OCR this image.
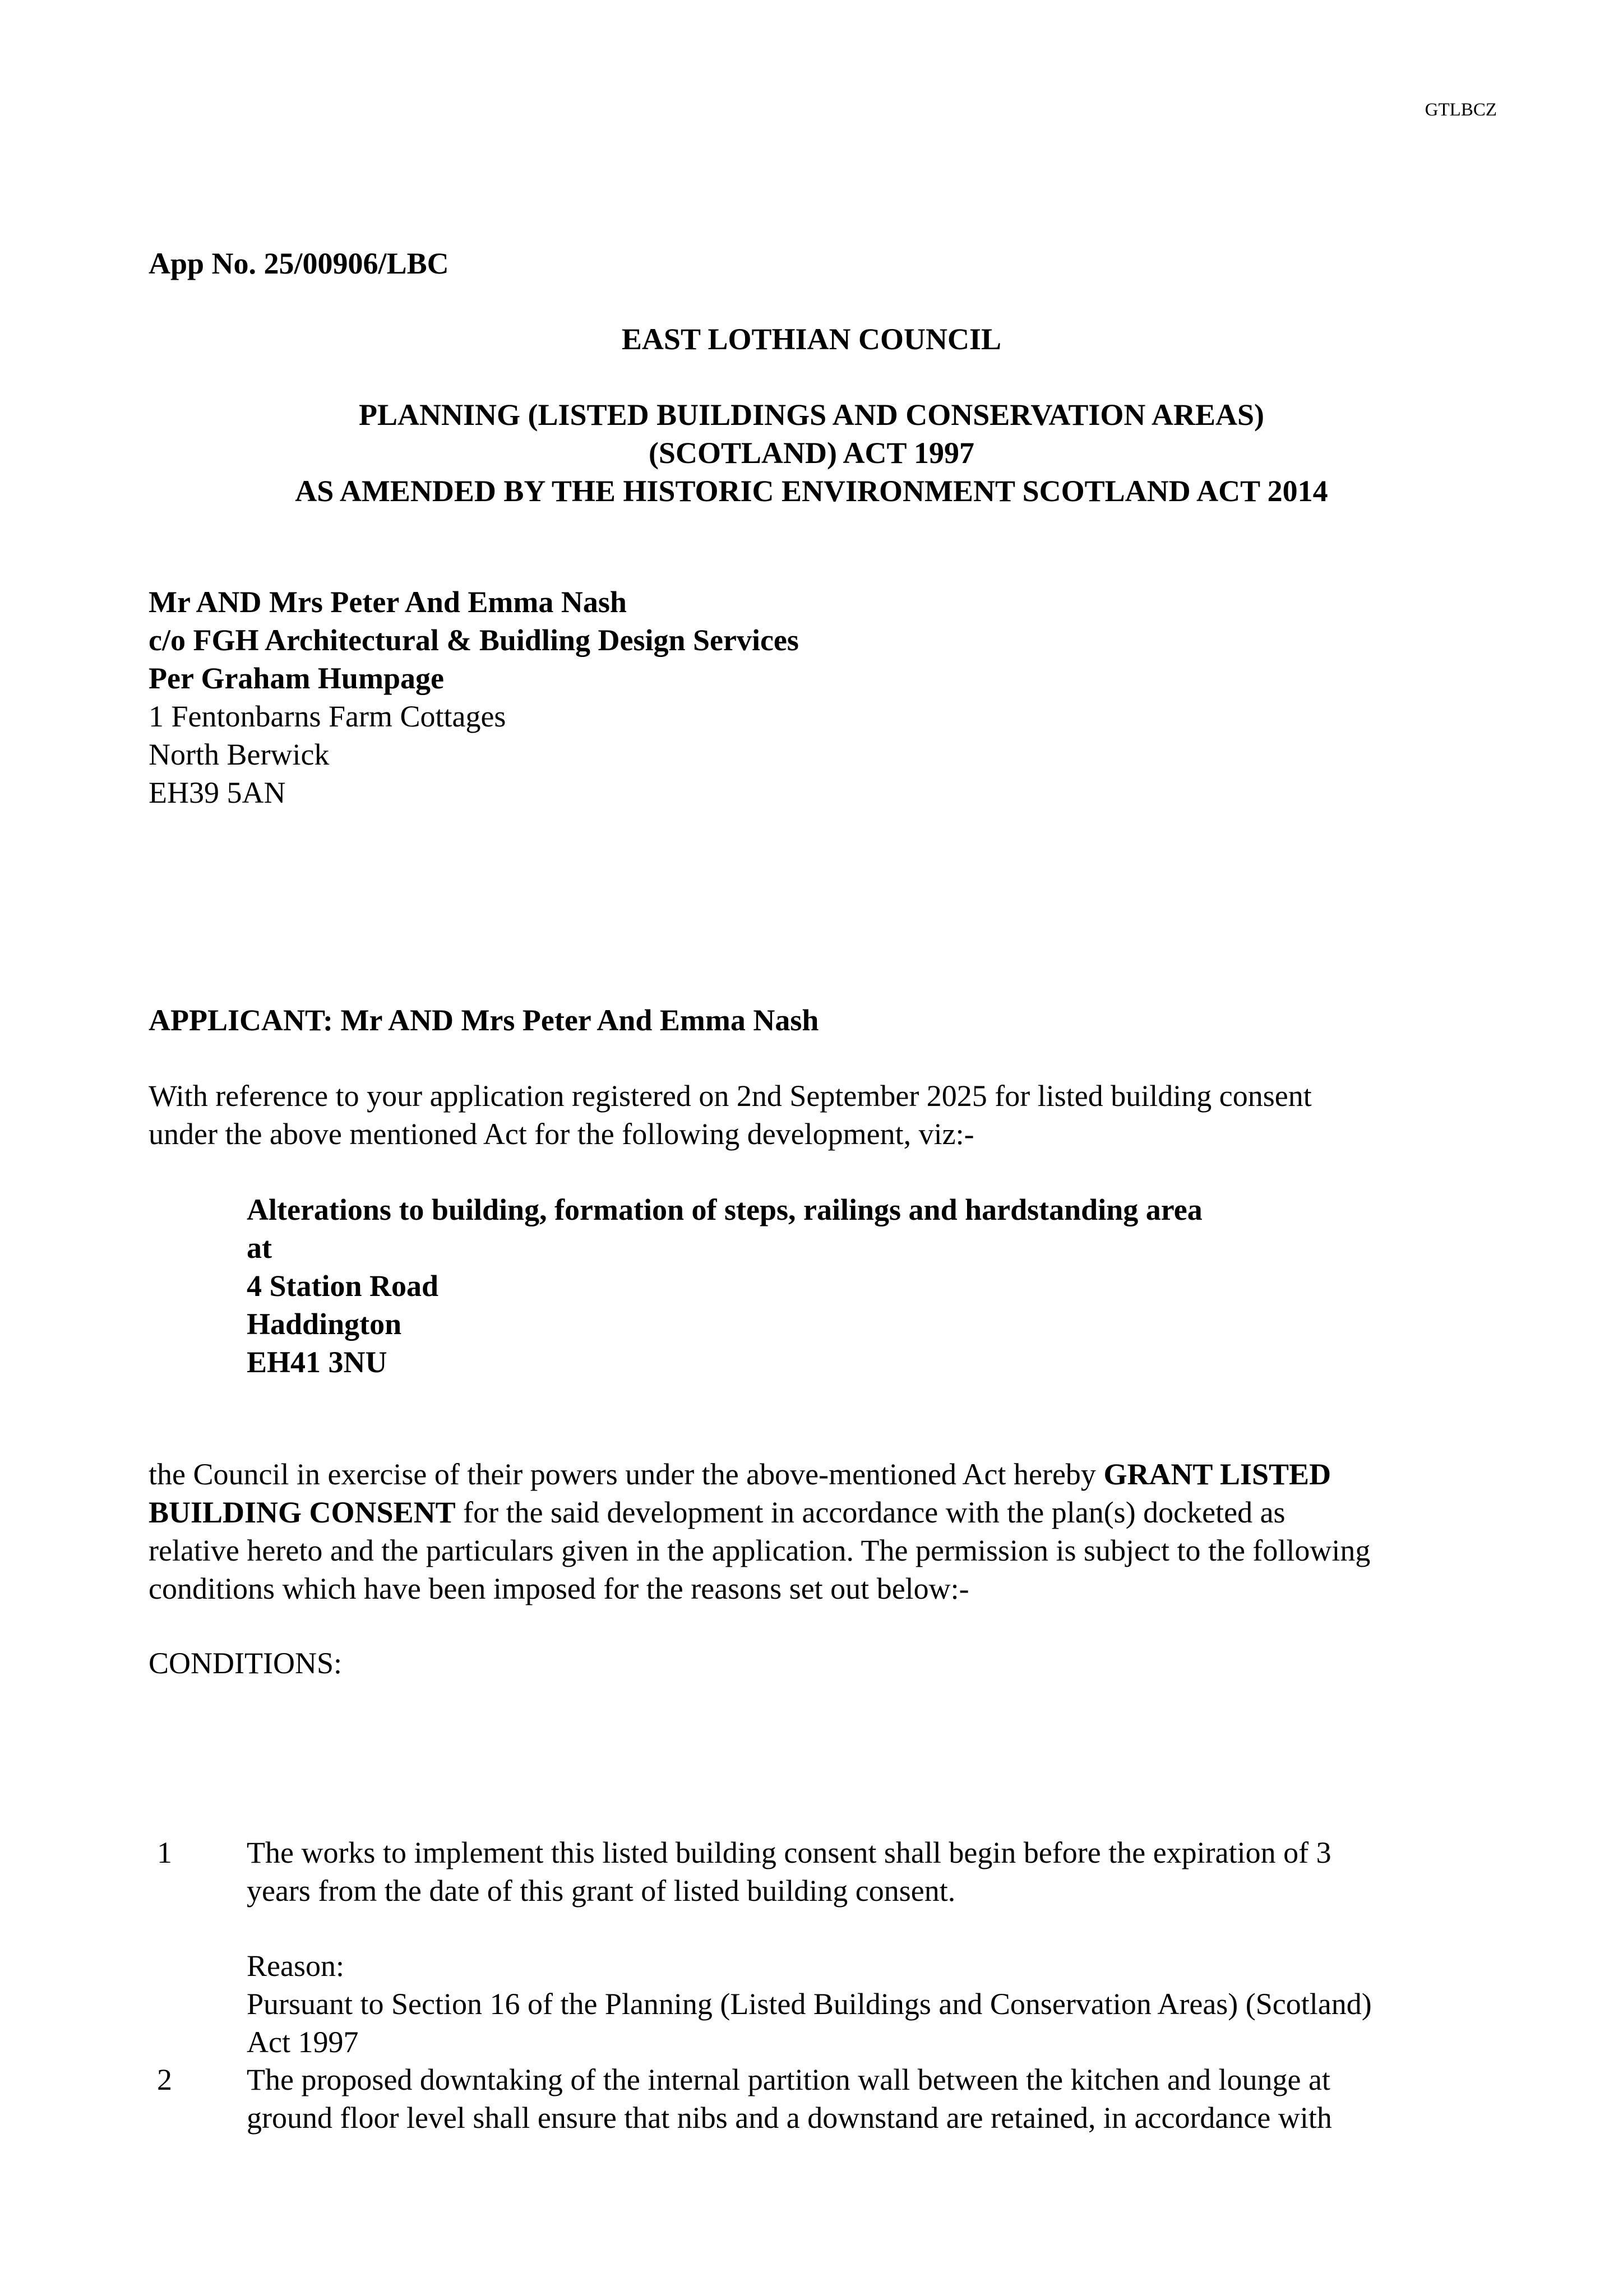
GTLBCZ
App No. 25/00906/LBC
EAST LOTHIAN COUNCIL
PLANNING (LISTED BUILDINGS AND CONSERVATION AREAS)
(SCOTLAND) ACT 1997
AS AMENDED BY THE HISTORIC ENVIRONMENT SCOTLAND ACT 2014
Mr AND Mrs Peter And Emma Nash
c/o FGH Architectural & Buidling Design Services
Per Graham Humpage
1 Fentonbarns Farm Cottages
North Berwick
EH39 5AN
APPLICANT: Mr AND Mrs Peter And Emma Nash
With reference to your application registered on 2nd September 2025 for listed building consent
under the above mentioned Act for the following development, viz:-
Alterations to building, formation of steps, railings and hardstanding area
at
4 Station Road
Haddington
EH41 3NU
the Council in exercise of their powers under the above-mentioned Act hereby GRANT LISTED
BUILDING CONSENT for the said development in accordance with the plan(s) docketed as
relative hereto and the particulars given in the application. The permission is subject to the following
conditions which have been imposed for the reasons set out below:-
CONDITIONS:
1 The works to implement this listed building consent shall begin before the expiration of 3
years from the date of this grant of listed building consent.
Reason:
Pursuant to Section 16 of the Planning (Listed Buildings and Conservation Areas) (Scotland)
Act 1997
2 The proposed downtaking of the internal partition wall between the kitchen and lounge at
ground floor level shall ensure that nibs and a downstand are retained, in accordance with
